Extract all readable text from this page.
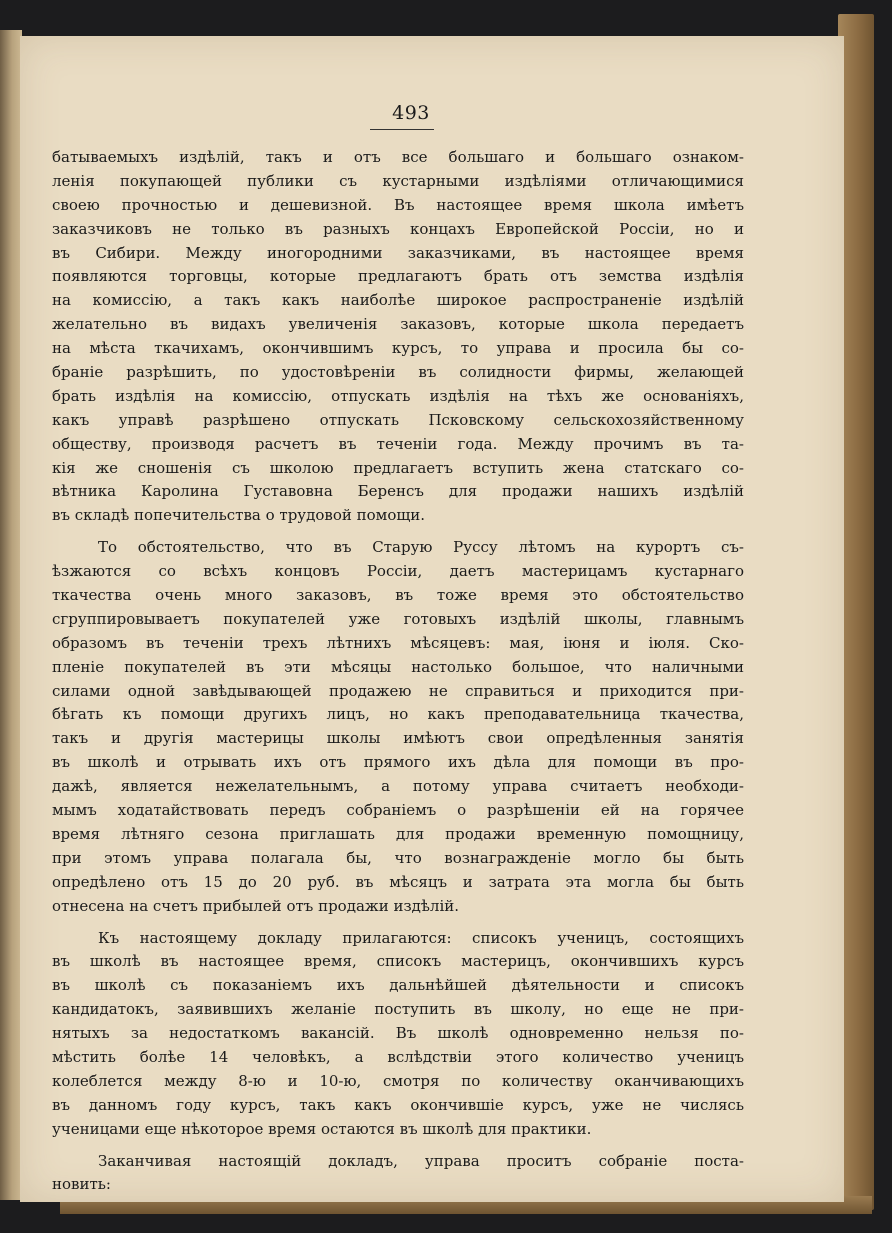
493
батываемыхъ издѣлій, такъ и отъ все большаго и большаго ознаком-
ленія покупающей публики съ кустарными издѣліями отличающимися
своею прочностью и дешевизной. Въ настоящее время школа имѣетъ
заказчиковъ не только въ разныхъ концахъ Европейской Россіи, но и
въ Сибири. Между иногородними заказчиками, въ настоящее время
появляются торговцы, которые предлагаютъ брать отъ земства издѣлія
на комиссію, а такъ какъ наиболѣе широкое распространеніе издѣлій
желательно въ видахъ увеличенія заказовъ, которые школа передаетъ
на мѣста ткачихамъ, окончившимъ курсъ, то управа и просила бы со-
браніе разрѣшить, по удостовѣреніи въ солидности фирмы, желающей
брать издѣлія на комиссію, отпускать издѣлія на тѣхъ же основаніяхъ,
какъ управѣ разрѣшено отпускать Псковскому сельскохозяйственному
обществу, производя расчетъ въ теченіи года. Между прочимъ въ та-
кія же сношенія съ школою предлагаетъ вступить жена статскаго со-
вѣтника Каролина Густавовна Беренсъ для продажи нашихъ издѣлій
въ складѣ попечительства о трудовой помощи.
То обстоятельство, что въ Старую Руссу лѣтомъ на курортъ съ-
ѣзжаются со всѣхъ концовъ Россіи, даетъ мастерицамъ кустарнаго
ткачества очень много заказовъ, въ тоже время это обстоятельство
сгруппировываетъ покупателей уже готовыхъ издѣлій школы, главнымъ
образомъ въ теченіи трехъ лѣтнихъ мѣсяцевъ: мая, іюня и іюля. Ско-
пленіе покупателей въ эти мѣсяцы настолько большое, что наличными
силами одной завѣдывающей продажею не справиться и приходится при-
бѣгать къ помощи другихъ лицъ, но какъ преподавательница ткачества,
такъ и другія мастерицы школы имѣютъ свои опредѣленныя занятія
въ школѣ и отрывать ихъ отъ прямого ихъ дѣла для помощи въ про-
дажѣ, является нежелательнымъ, а потому управа считаетъ необходи-
мымъ ходатайствовать передъ собраніемъ о разрѣшеніи ей на горячее
время лѣтняго сезона приглашать для продажи временную помощницу,
при этомъ управа полагала бы, что вознагражденіе могло бы быть
опредѣлено отъ 15 до 20 руб. въ мѣсяцъ и затрата эта могла бы быть
отнесена на счетъ прибылей отъ продажи издѣлій.
Къ настоящему докладу прилагаются: списокъ ученицъ, состоящихъ
въ школѣ въ настоящее время, списокъ мастерицъ, окончившихъ курсъ
въ школѣ съ показаніемъ ихъ дальнѣйшей дѣятельности и списокъ
кандидатокъ, заявившихъ желаніе поступить въ школу, но еще не при-
нятыхъ за недостаткомъ вакансій. Въ школѣ одновременно нельзя по-
мѣстить болѣе 14 человѣкъ, а вслѣдствіи этого количество ученицъ
колеблется между 8-ю и 10-ю, смотря по количеству оканчивающихъ
въ данномъ году курсъ, такъ какъ окончившіе курсъ, уже не числясь
ученицами еще нѣкоторое время остаются въ школѣ для практики.
Заканчивая настоящій докладъ, управа проситъ собраніе поста-
новить:
